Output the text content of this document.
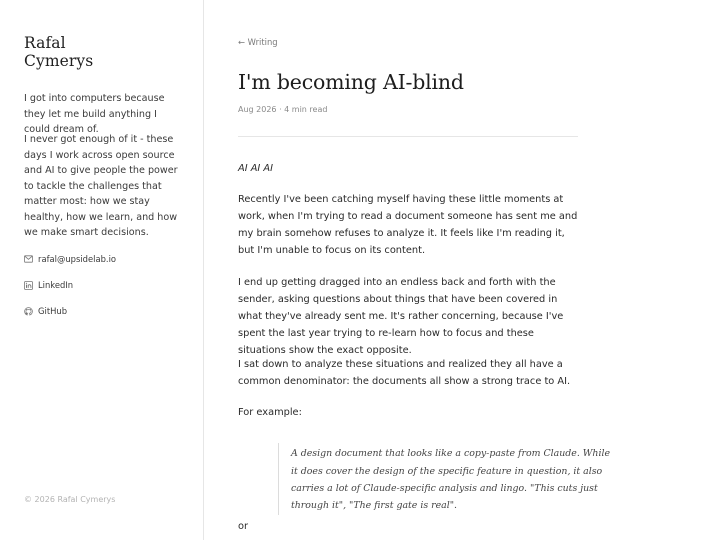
Rafal
Cymerys

I got into computers because they let me build anything I could dream of.

I never got enough of it - these days I work across open source and AI to give people the power to tackle the challenges that matter most: how we stay healthy, how we learn, and how we make smart decisions.

rafal@upsidelab.io
LinkedIn
GitHub
© 2026 Rafal Cymerys
← Writing
I'm becoming AI-blind
Aug 2026 · 4 min read

AI AI AI

Recently I've been catching myself having these little moments at work, when I'm trying to read a document someone has sent me and my brain somehow refuses to analyze it. It feels like I'm reading it, but I'm unable to focus on its content.

I end up getting dragged into an endless back and forth with the sender, asking questions about things that have been covered in what they've already sent me. It's rather concerning, because I've spent the last year trying to re-learn how to focus and these situations show the exact opposite.

I sat down to analyze these situations and realized they all have a common denominator: the documents all show a strong trace to AI.

For example:

A design document that looks like a copy-paste from Claude. While it does cover the design of the specific feature in question, it also carries a lot of Claude-specific analysis and lingo. "This cuts just through it", "The first gate is real".

or
